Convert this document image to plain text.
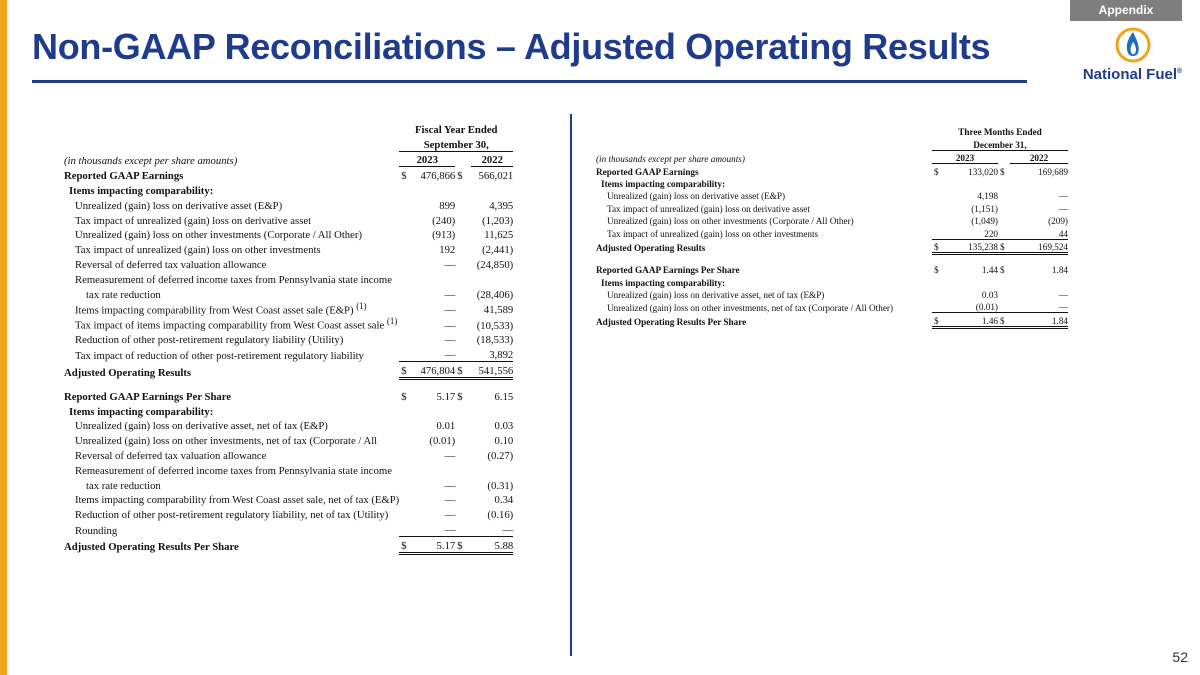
Appendix
Non-GAAP Reconciliations – Adjusted Operating Results
National Fuel®
	Fiscal Year Ended			
	September 30,			
(in thousands except per share amounts)	2023			2022
Reported GAAP Earnings	$	476,866	$	566,021
Items impacting comparability:				
Unrealized (gain) loss on derivative asset (E&P)		899		4,395
Tax impact of unrealized (gain) loss on derivative asset		(240)		(1,203)
Unrealized (gain) loss on other investments (Corporate / All Other)		(913)		11,625
Tax impact of unrealized (gain) loss on other investments		192		(2,441)
Reversal of deferred tax valuation allowance		—		(24,850)
Remeasurement of deferred income taxes from Pennsylvania state income				
tax rate reduction		—		(28,406)
Items impacting comparability from West Coast asset sale (E&P) $^{(1)}$		—		41,589
Tax impact of items impacting comparability from West Coast asset sale $^{(1)}$		—		(10,533)
Reduction of other post-retirement regulatory liability (Utility)		—		(18,533)
Tax impact of reduction of other post-retirement regulatory liability		—		3,892
Adjusted Operating Results	$	476,804	$	541,556

Reported GAAP Earnings Per Share	$	5.17	$	6.15
Items impacting comparability:				
Unrealized (gain) loss on derivative asset, net of tax (E&P)		0.01		0.03
Unrealized (gain) loss on other investments, net of tax (Corporate / All		(0.01)		0.10
Reversal of deferred tax valuation allowance		—		(0.27)
Remeasurement of deferred income taxes from Pennsylvania state income				
tax rate reduction		—		(0.31)
Items impacting comparability from West Coast asset sale, net of tax (E&P)		—		0.34
Reduction of other post-retirement regulatory liability, net of tax (Utility)		—		(0.16)
Rounding		—		—
Adjusted Operating Results Per Share	$	5.17	$	5.88
	Three Months Ended			
	December 31,			
(in thousands except per share amounts)	2023			2022
Reported GAAP Earnings	$	133,020	$	169,689
Items impacting comparability:				
Unrealized (gain) loss on derivative asset (E&P)		4,198		—
Tax impact of unrealized (gain) loss on derivative asset		(1,151)		—
Unrealized (gain) loss on other investments (Corporate / All Other)		(1,049)		(209)
Tax impact of unrealized (gain) loss on other investments		220		44
Adjusted Operating Results	$	135,238	$	169,524

Reported GAAP Earnings Per Share	$	1.44	$	1.84
Items impacting comparability:				
Unrealized (gain) loss on derivative asset, net of tax (E&P)		0.03		—
Unrealized (gain) loss on other investments, net of tax (Corporate / All Other)		(0.01)		—
Adjusted Operating Results Per Share	$	1.46	$	1.84
52
